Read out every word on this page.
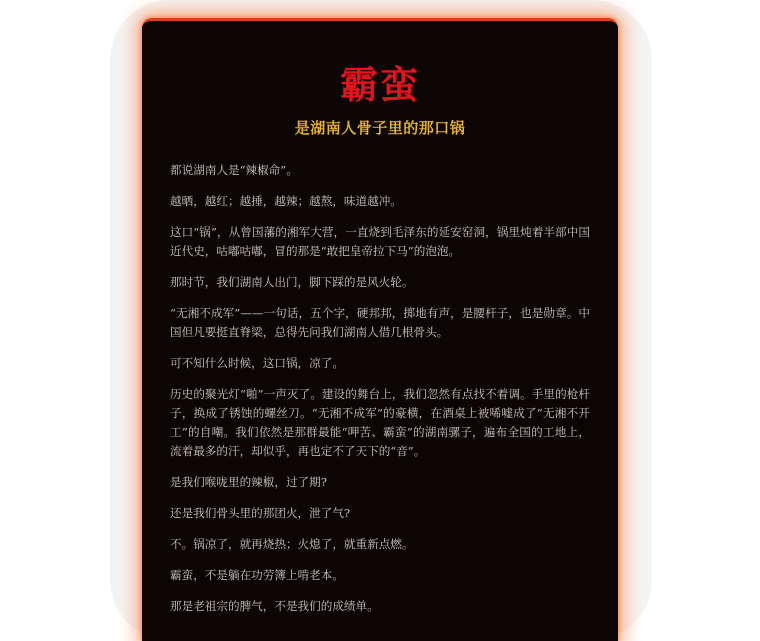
霸蛮
是湖南人骨子里的那口锅

都说湖南人是“辣椒命”。

越晒，越红；越捶，越辣；越熬，味道越冲。

这口“锅”，从曾国藩的湘军大营，一直烧到毛泽东的延安窑洞，锅里炖着半部中国近代史，咕嘟咕嘟，冒的那是“敢把皇帝拉下马”的泡泡。

那时节，我们湖南人出门，脚下踩的是风火轮。

“无湘不成军”——一句话，五个字，硬邦邦，掷地有声，是腰杆子，也是勋章。中国但凡要挺直脊梁，总得先问我们湖南人借几根骨头。

可不知什么时候，这口锅，凉了。

历史的聚光灯“啪”一声灭了。建设的舞台上，我们忽然有点找不着调。手里的枪杆子，换成了锈蚀的螺丝刀。“无湘不成军”的豪横，在酒桌上被唏嘘成了“无湘不开工”的自嘲。我们依然是那群最能“呷苦、霸蛮”的湖南骡子，遍布全国的工地上，流着最多的汗，却似乎，再也定不了天下的“音”。

是我们喉咙里的辣椒，过了期?

还是我们骨头里的那团火，泄了气?

不。锅凉了，就再烧热；火熄了，就重新点燃。

霸蛮，不是躺在功劳簿上啃老本。

那是老祖宗的脾气，不是我们的成绩单。
